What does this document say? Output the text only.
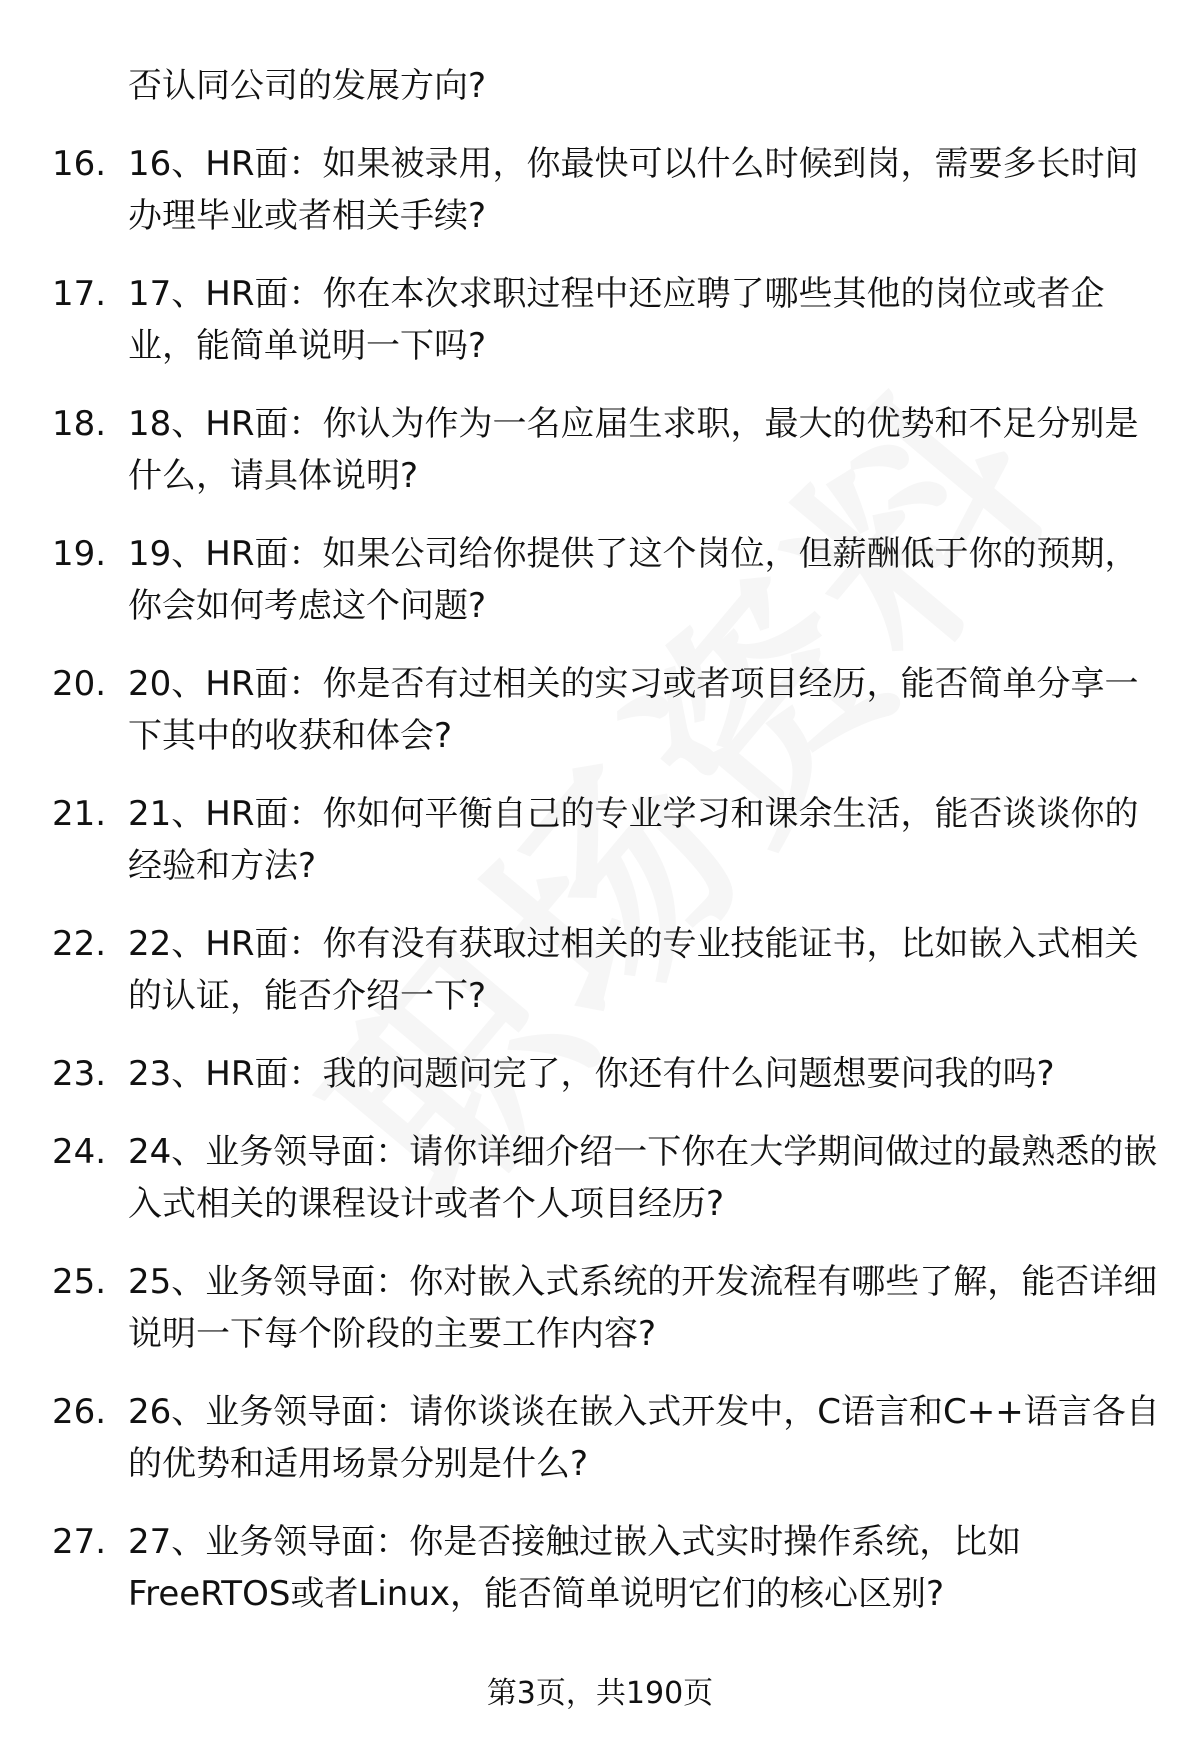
否认同公司的发展方向?

16. 16、HR面：如果被录用，你最快可以什么时候到岗，需要多长时间办理毕业或者相关手续?

17. 17、HR面：你在本次求职过程中还应聘了哪些其他的岗位或者企业，能简单说明一下吗?

18. 18、HR面：你认为作为一名应届生求职，最大的优势和不足分别是什么，请具体说明?

19. 19、HR面：如果公司给你提供了这个岗位，但薪酬低于你的预期，你会如何考虑这个问题?

20. 20、HR面：你是否有过相关的实习或者项目经历，能否简单分享一下其中的收获和体会?

21. 21、HR面：你如何平衡自己的专业学习和课余生活，能否谈谈你的经验和方法?

22. 22、HR面：你有没有获取过相关的专业技能证书，比如嵌入式相关的认证，能否介绍一下?

23. 23、HR面：我的问题问完了，你还有什么问题想要问我的吗?

24. 24、业务领导面：请你详细介绍一下你在大学期间做过的最熟悉的嵌入式相关的课程设计或者个人项目经历?

25. 25、业务领导面：你对嵌入式系统的开发流程有哪些了解，能否详细说明一下每个阶段的主要工作内容?

26. 26、业务领导面：请你谈谈在嵌入式开发中，C语言和C++语言各自的优势和适用场景分别是什么?

27. 27、业务领导面：你是否接触过嵌入式实时操作系统，比如FreeRTOS或者Linux，能否简单说明它们的核心区别?

第3页，共190页
